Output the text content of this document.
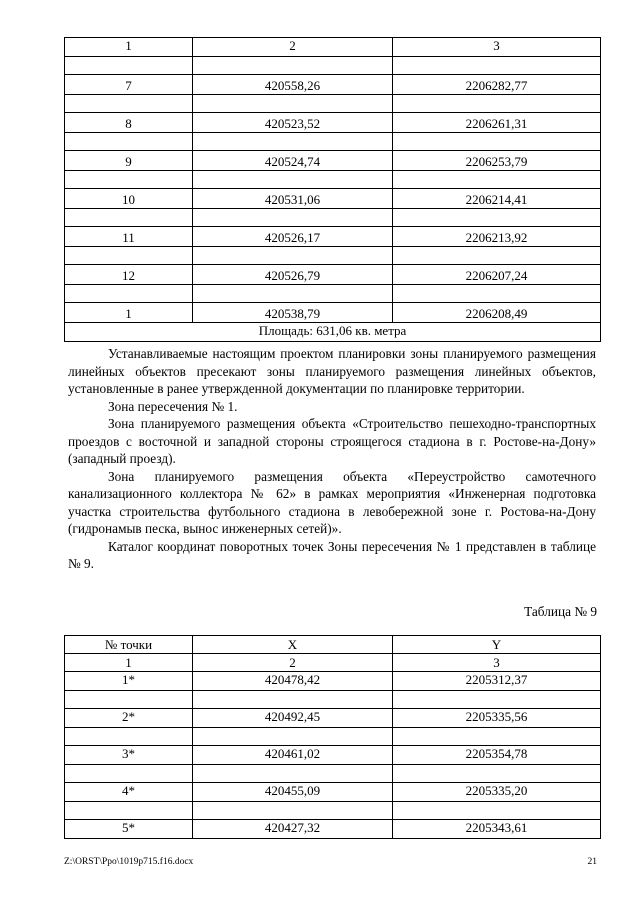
1	2	3

7	420558,26	2206282,77

8	420523,52	2206261,31

9	420524,74	2206253,79

10	420531,06	2206214,41

11	420526,17	2206213,92

12	420526,79	2206207,24

1	420538,79	2206208,49
Площадь: 631,06 кв. метра		

Устанавливаемые настоящим проектом планировки зоны планируемого размещения линейных объектов пресекают зоны планируемого размещения линейных объектов, установленные в ранее утвержденной документации по планировке территории.

Зона пересечения № 1.

Зона планируемого размещения объекта «Строительство пешеходно-транспортных проездов с восточной и западной стороны строящегося стадиона в г. Ростове-на-Дону» (западный проезд).

Зона планируемого размещения объекта «Переустройство самотечного канализационного коллектора № 62» в рамках мероприятия «Инженерная подготовка участка строительства футбольного стадиона в левобережной зоне г. Ростова-на-Дону (гидронамыв песка, вынос инженерных сетей)».

Каталог координат поворотных точек Зоны пересечения № 1 представлен в таблице № 9.

Таблица № 9
№ точки	X	Y
1	2	3
1*	420478,42	2205312,37

2*	420492,45	2205335,56

3*	420461,02	2205354,78

4*	420455,09	2205335,20

5*	420427,32	2205343,61
Z:\ORST\Ppo\1019p715.f16.docx	21
